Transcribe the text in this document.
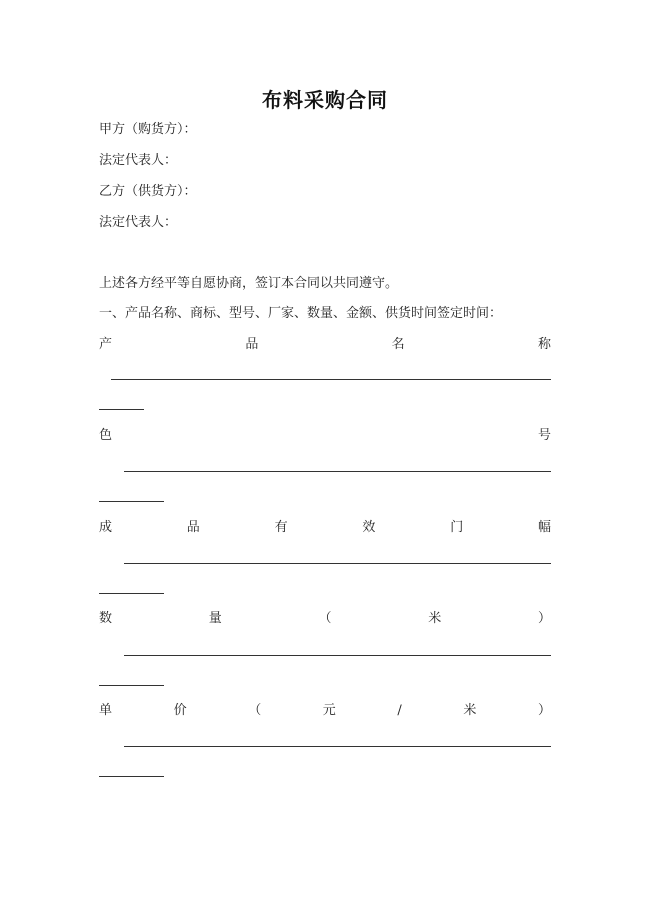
布料采购合同
甲方（购货方）：
法定代表人：
乙方（供货方）：
法定代表人：
上述各方经平等自愿协商，签订本合同以共同遵守。
一、产品名称、商标、型号、厂家、数量、金额、供货时间签定时间：
产	品	名	称
色	号
成	品	有	效	门	幅
数	量	（	米	）
单	价	（	元	/	米	）
